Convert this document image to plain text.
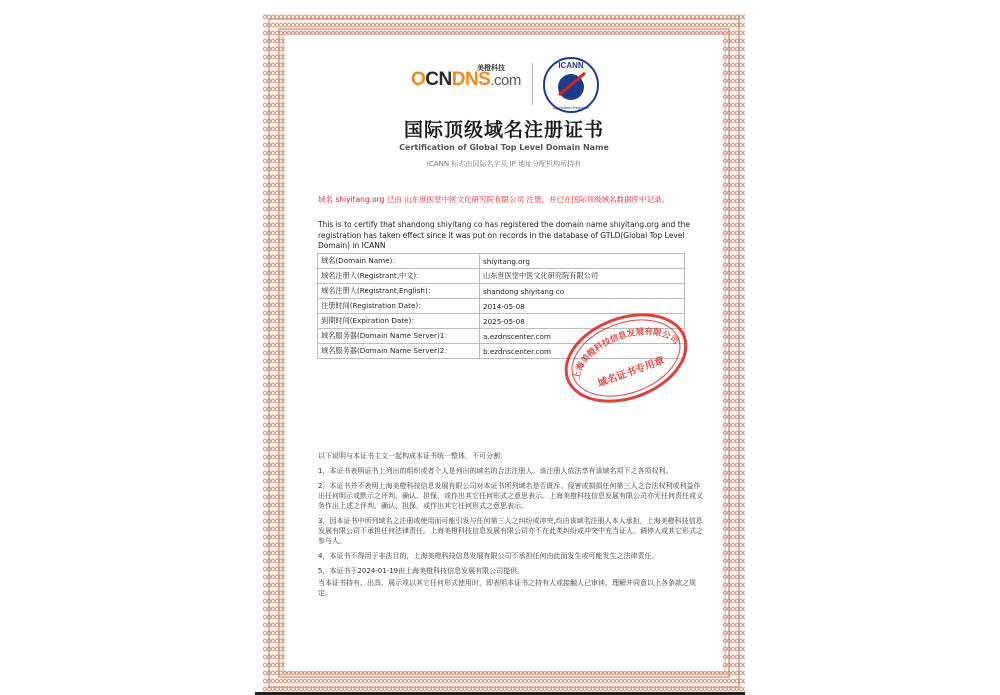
OCNDNS.com
美橙科技	ICANN
Accredited Registrar
国际顶级域名注册证书
Certification of Global Top Level Domain Name
ICANN 标志由国际名字及 IP 地址分配机构所持有
域名 shiyitang.org 已由 山东世医堂中医文化研究院有限公司 注册，并已在国际顶级域名数据库中记录。
This is to certify that shandong shiyitang co has registered the domain name shiyitang.org and the registration has taken effect since it was put on records in the database of GTLD(Global Top Level Domain) in ICANN
域名(Domain Name)：	shiyitang.org
域名注册人(Registrant,中文)：	山东世医堂中医文化研究院有限公司
域名注册人(Registrant,English)：	shandong shiyitang co
注册时间(Registration Date)：	2014-05-08
到期时间(Expiration Date)：	2025-05-08
域名服务器(Domain Name Server)1：	a.ezdnscenter.com
域名服务器(Domain Name Server)2：	b.ezdnscenter.com
上海美橙科技信息发展有限公司
域名证书专用章

以下说明与本证书主文一起构成本证书统一整体，不可分割：

1，本证书表明证书上列出的组织或者个人是列出的域名的合法注册人。该注册人依法享有该域名项下之各项权利。

2，本证书并不表明上海美橙科技信息发展有限公司对本证书所列域名是否既斥、侵害或损损任何第三人之合法权利或利益作出任何明示或默示之评判、确认、担保，或作出其它任何形式之意思表示。上海美橙科技信息发展有限公司亦无任何责任或义务作出上述之评判、确认、担保，或作出其它任何形式之意思表示。

3，因本证书中所列域名之注册或使用而可能引发与任何第三人之纠纷或冲突,均由该域名注册人本人承担，上海美橙科技信息发展有限公司不承担任何法律责任。上海美橙科技信息发展有限公司亦不在此类纠纷或冲突中充当证人、调停人或其它形式之参与人。

4，本证书不得用于非法目的，上海美橙科技信息发展有限公司不承担任何由此而发生或可能发生之法律责任。

5，本证书于2024-01-19由上海美橙科技信息发展有限公司提供。

当本证书持有、出具、展示或以其它任何形式使用时，即表明本证书之持有人或接触人已审读、理解并同意以上各条款之规定。
